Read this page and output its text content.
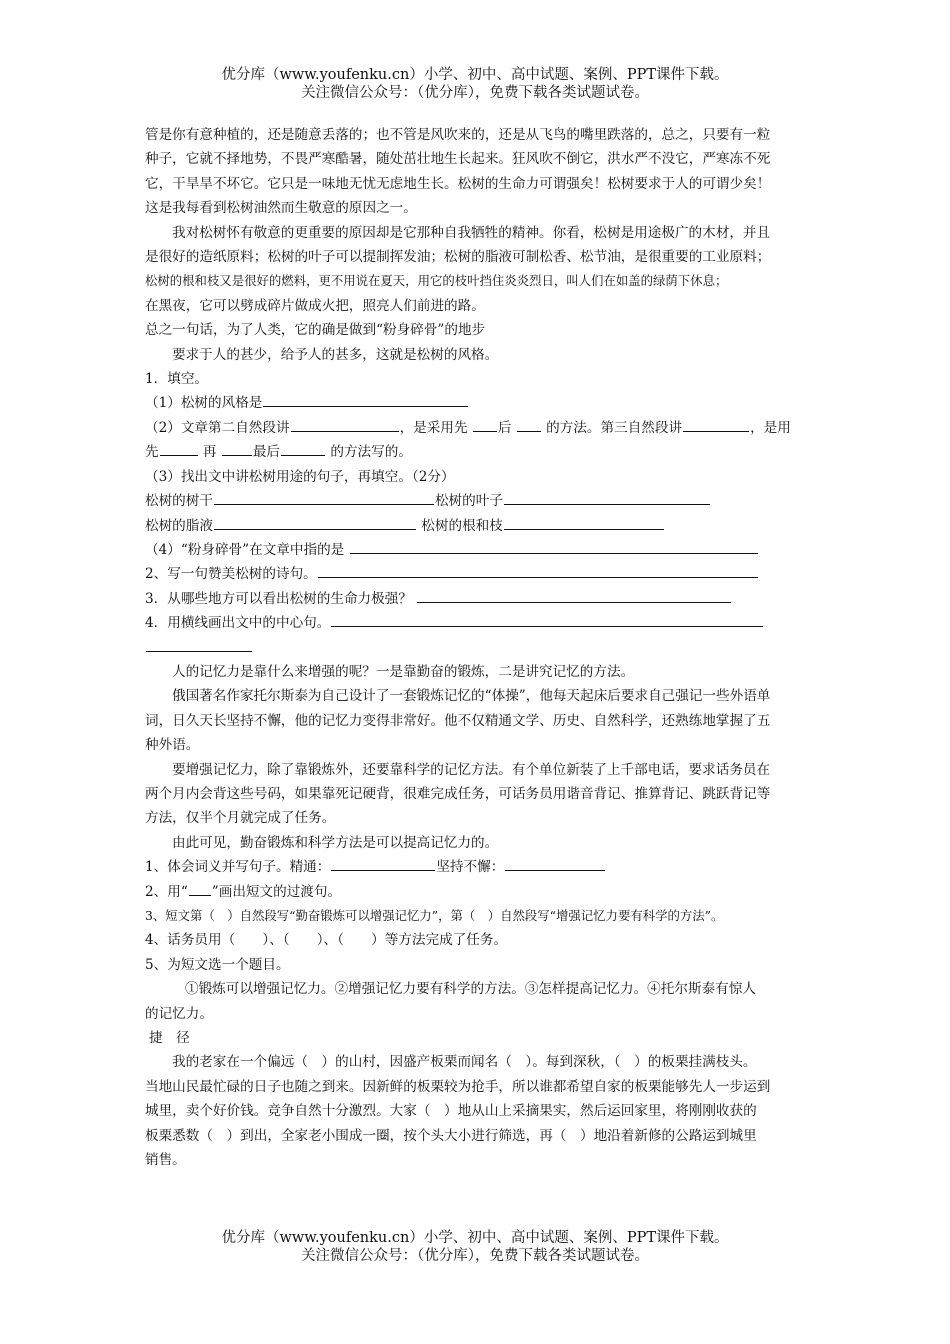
优分库（www.youfenku.cn）小学、初中、高中试题、案例、PPT课件下载。
关注微信公众号：（优分库），免费下载各类试题试卷。

管是你有意种植的，还是随意丢落的；也不管是风吹来的，还是从飞鸟的嘴里跌落的，总之，只要有一粒

种子，它就不择地势，不畏严寒酷暑，随处茁壮地生长起来。狂风吹不倒它，洪水严不没它，严寒冻不死

它，干旱旱不坏它。它只是一味地无忧无虑地生长。松树的生命力可谓强矣！松树要求于人的可谓少矣！

这是我每看到松树油然而生敬意的原因之一。

我对松树怀有敬意的更重要的原因却是它那种自我牺牲的精神。你看，松树是用途极广的木材，并且

是很好的造纸原料；松树的叶子可以提制挥发油；松树的脂液可制松香、松节油，是很重要的工业原料；

松树的根和枝又是很好的燃料，更不用说在夏天，用它的枝叶挡住炎炎烈日，叫人们在如盖的绿荫下休息；

在黑夜，它可以劈成碎片做成火把，照亮人们前进的路。

总之一句话，为了人类，它的确是做到“粉身碎骨”的地步

要求于人的甚少，给予人的甚多，这就是松树的风格。

1．填空。

（1）松树的风格是

（2）文章第二自然段讲	，是采用先 后	的方法。第三自然段讲	，是用

先	再	最后	的方法写的。

（3）找出文中讲松树用途的句子，再填空。（2分）

松树的树干	松树的叶子

松树的脂液	松树的根和枝

（4）“粉身碎骨”在文章中指的是

2、写一句赞美松树的诗句。

3．从哪些地方可以看出松树的生命力极强？

4．用横线画出文中的中心句。

人的记忆力是靠什么来增强的呢？一是靠勤奋的锻炼，二是讲究记忆的方法。

俄国著名作家托尔斯泰为自己设计了一套锻炼记忆的“体操”，他每天起床后要求自己强记一些外语单

词，日久天长坚持不懈，他的记忆力变得非常好。他不仅精通文学、历史、自然科学，还熟练地掌握了五

种外语。

要增强记忆力，除了靠锻炼外，还要靠科学的记忆方法。有个单位新装了上千部电话，要求话务员在

两个月内会背这些号码，如果靠死记硬背，很难完成任务，可话务员用谐音背记、推算背记、跳跃背记等

方法，仅半个月就完成了任务。

由此可见，勤奋锻炼和科学方法是可以提高记忆力的。

1、体会词义并写句子。精通：	坚持不懈：

2、用“ ”画出短文的过渡句。

3、短文第（　）自然段写“勤奋锻炼可以增强记忆力”，第（　）自然段写“增强记忆力要有科学的方法”。

4、话务员用（　　）、（　　）、（　　）等方法完成了任务。

5、为短文选一个题目。

①锻炼可以增强记忆力。②增强记忆力要有科学的方法。③怎样提高记忆力。④托尔斯泰有惊人

的记忆力。

捷　径

我的老家在一个偏远（　）的山村，因盛产板栗而闻名（　）。每到深秋，（　）的板栗挂满枝头。

当地山民最忙碌的日子也随之到来。因新鲜的板栗较为抢手，所以谁都希望自家的板栗能够先人一步运到

城里，卖个好价钱。竞争自然十分激烈。大家（　）地从山上采摘果实，然后运回家里，将刚刚收获的

板栗悉数（　）到出，全家老小围成一圈，按个头大小进行筛选，再（　）地沿着新修的公路运到城里

销售。

优分库（www.youfenku.cn）小学、初中、高中试题、案例、PPT课件下载。
关注微信公众号：（优分库），免费下载各类试题试卷。
